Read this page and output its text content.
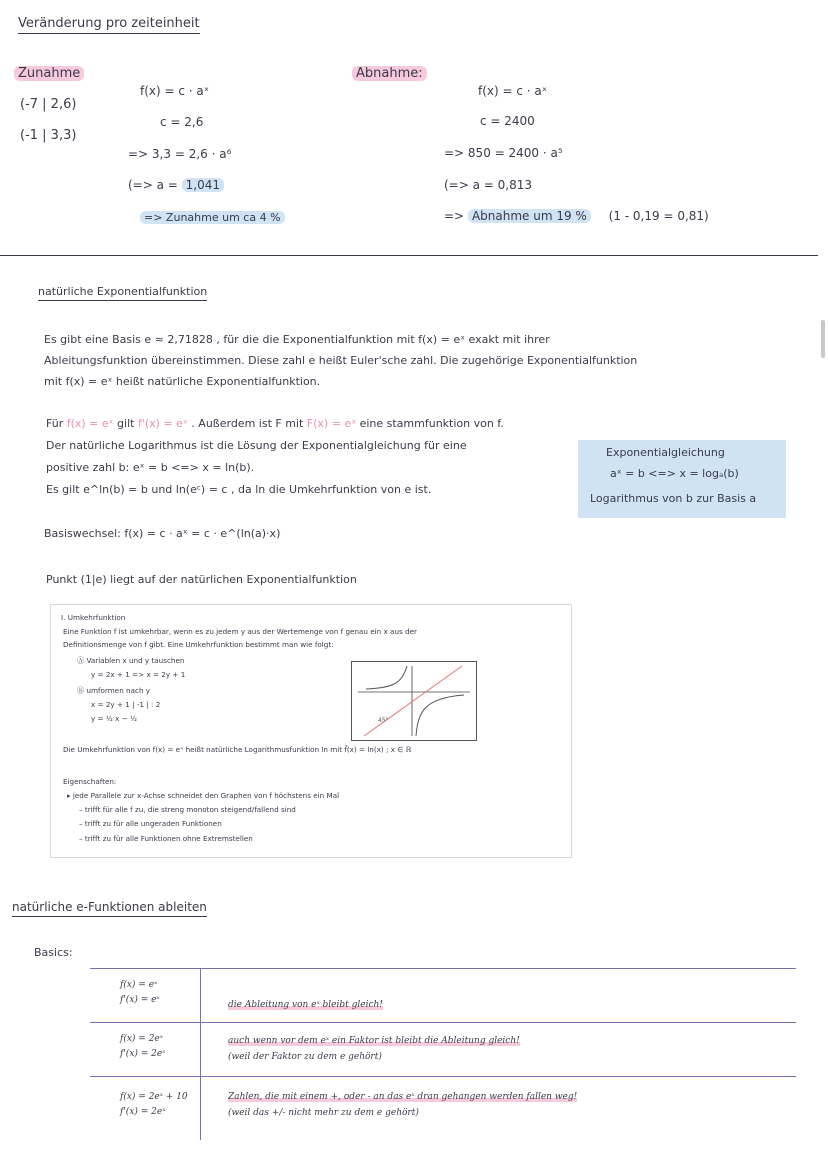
Veränderung pro zeiteinheit
Zunahme
(-7 | 2,6)
(-1 | 3,3)
f(x) = c · aˣ
c = 2,6
=> 3,3 = 2,6 · a⁶
(=> a = 1,041
=> Zunahme um ca 4 %
Abnahme:
f(x) = c · aˣ
c = 2400
=> 850 = 2400 · a⁵
(=> a = 0,813
=> Abnahme um 19 % (1 - 0,19 = 0,81)
natürliche Exponentialfunktion
Es gibt eine Basis e ≈ 2,71828 , für die die Exponentialfunktion mit f(x) = eˣ exakt mit ihrer
Ableitungsfunktion übereinstimmen. Diese zahl e heißt Euler'sche zahl. Die zugehörige Exponentialfunktion
mit f(x) = eˣ heißt natürliche Exponentialfunktion.
Für f(x) = eˣ gilt f'(x) = eˣ . Außerdem ist F mit F(x) = eˣ eine stammfunktion von f.
Der natürliche Logarithmus ist die Lösung der Exponentialgleichung für eine
positive zahl b: eˣ = b <=> x = ln(b).
Es gilt e^ln(b) = b und ln(eᶜ) = c , da ln die Umkehrfunktion von e ist.
Exponentialgleichung
aˣ = b <=> x = logₐ(b)
Logarithmus von b zur Basis a
Basiswechsel: f(x) = c · aˣ = c · e^(ln(a)·x)
Punkt (1|e) liegt auf der natürlichen Exponentialfunktion
I. Umkehrfunktion
Eine Funktion f ist umkehrbar, wenn es zu jedem y aus der Wertemenge von f genau ein x aus der
Definitionsmenge von f gibt. Eine Umkehrfunktion bestimmt man wie folgt:
Ⓐ Variablen x und y tauschen
y = 2x + 1 => x = 2y + 1
Ⓑ umformen nach y
x = 2y + 1 | -1 | : 2
y = ½ x − ½	45°
Die Umkehrfunktion von f(x) = eˣ heißt natürliche Logarithmusfunktion ln mit f̄(x) = ln(x) ; x ∈ ℝ
Eigenschaften:
▸ jede Parallele zur x-Achse schneidet den Graphen von f höchstens ein Mal
– trifft für alle f zu, die streng monoton steigend/fallend sind
– trifft zu für alle ungeraden Funktionen
– trifft zu für alle Funktionen ohne Extremstellen
natürliche e-Funktionen ableiten
Basics:
f(x) = eˣ
f'(x) = eˣ	die Ableitung von eˣ bleibt gleich!
f(x) = 2eˣ
f'(x) = 2eˣ
auch wenn vor dem eˣ ein Faktor ist bleibt die Ableitung gleich!
(weil der Faktor zu dem e gehört)
f(x) = 2eˣ + 10
f'(x) = 2eˣ
Zahlen, die mit einem +, oder - an das eˣ dran gehangen werden fallen weg!
(weil das +/- nicht mehr zu dem e gehört)
